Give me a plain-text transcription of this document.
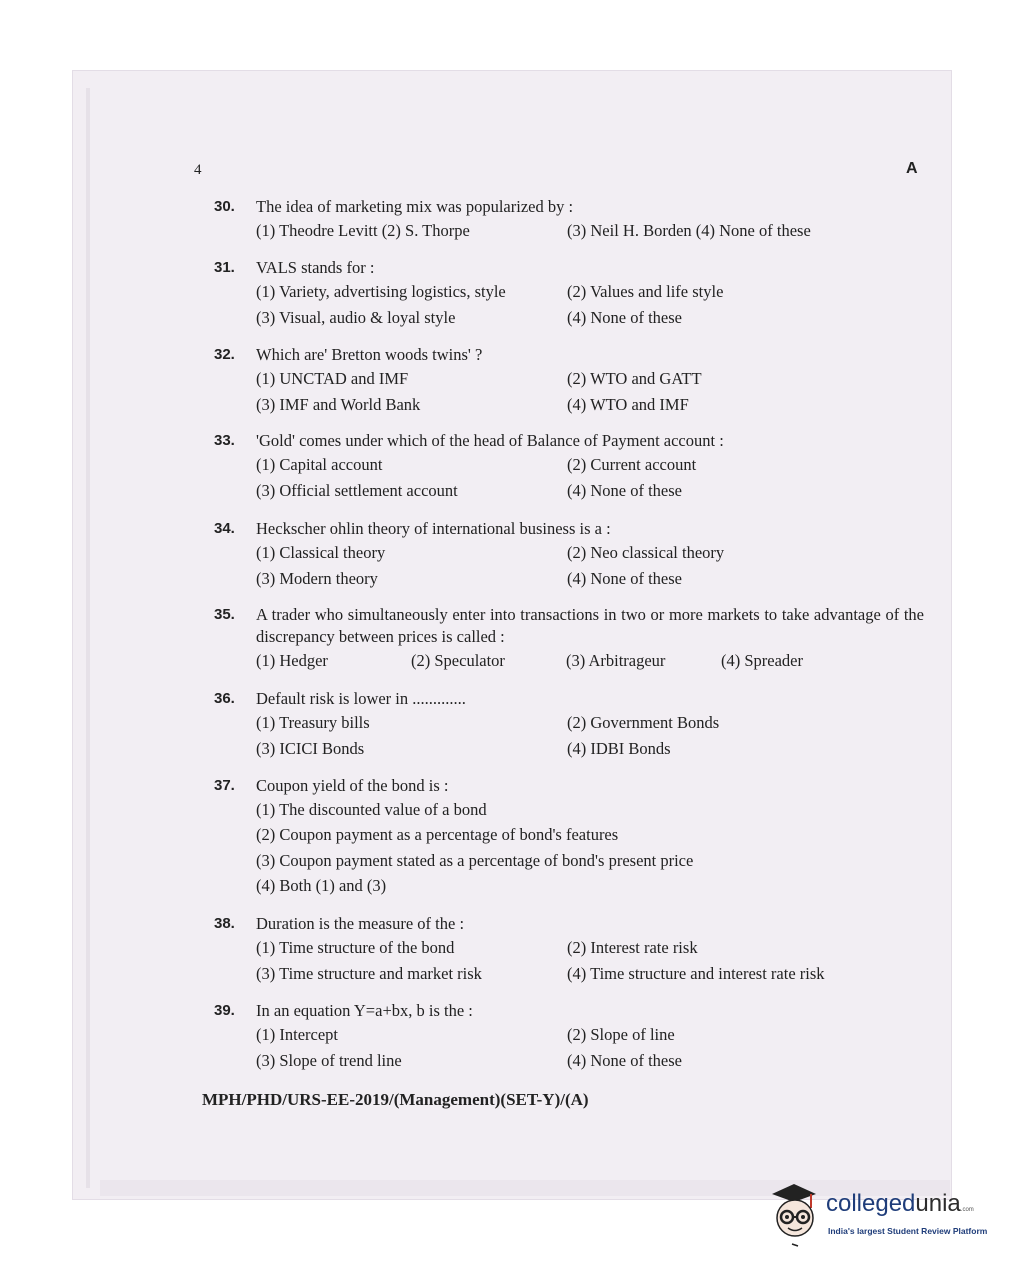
4	A
30.	The idea of marketing mix was popularized by :
(1) Theodre Levitt (2) S. Thorpe	(3) Neil H. Borden (4) None of these
31.	VALS stands for :
(1) Variety, advertising logistics, style	(2) Values and life style
(3) Visual, audio & loyal style	(4) None of these
32.	Which are' Bretton woods twins' ?
(1) UNCTAD and IMF	(2) WTO and GATT
(3) IMF and World Bank	(4) WTO and IMF
33.	'Gold' comes under which of the head of Balance of Payment account :
(1) Capital account	(2) Current account
(3) Official settlement account	(4) None of these
34.	Heckscher ohlin theory of international business is a :
(1) Classical theory	(2) Neo classical theory
(3) Modern theory	(4) None of these
35.	A trader who simultaneously enter into transactions in two or more markets to take advantage of the discrepancy between prices is called :
(1) Hedger	(2) Speculator	(3) Arbitrageur	(4) Spreader
36.	Default risk is lower in .............
(1) Treasury bills	(2) Government Bonds
(3) ICICI Bonds	(4) IDBI Bonds
37.	Coupon yield of the bond is :
(1) The discounted value of a bond
(2) Coupon payment as a percentage of bond's features
(3) Coupon payment stated as a percentage of bond's present price
(4) Both (1) and (3)
38.	Duration is the measure of the :
(1) Time structure of the bond	(2) Interest rate risk
(3) Time structure and market risk	(4) Time structure and interest rate risk
39.	In an equation Y=a+bx, b is the :
(1) Intercept	(2) Slope of line
(3) Slope of trend line	(4) None of these
MPH/PHD/URS-EE-2019/(Management)(SET-Y)/(A)
collegedunia.com
India's largest Student Review Platform
